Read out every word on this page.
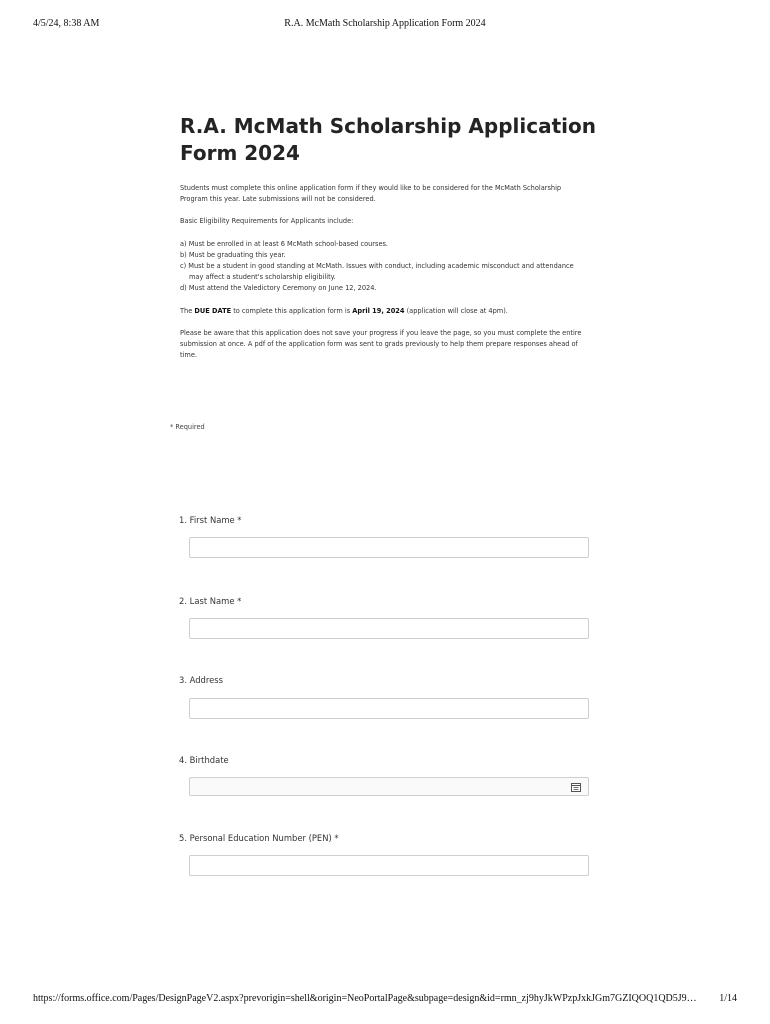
4/5/24, 8:38 AM	R.A. McMath Scholarship Application Form 2024
R.A. McMath Scholarship Application Form 2024

Students must complete this online application form if they would like to be considered for the McMath Scholarship Program this year. Late submissions will not be considered.

Basic Eligibility Requirements for Applicants include:

a) Must be enrolled in at least 6 McMath school-based courses.
b) Must be graduating this year.
c) Must be a student in good standing at McMath. Issues with conduct, including academic misconduct and attendance may affect a student's scholarship eligibility.
d) Must attend the Valedictory Ceremony on June 12, 2024.

The DUE DATE to complete this application form is April 19, 2024 (application will close at 4pm).

Please be aware that this application does not save your progress if you leave the page, so you must complete the entire submission at once. A pdf of the application form was sent to grads previously to help them prepare responses ahead of time.

* Required
1. First Name *
2. Last Name *
3. Address
4. Birthdate
5. Personal Education Number (PEN) *
https://forms.office.com/Pages/DesignPageV2.aspx?prevorigin=shell&origin=NeoPortalPage&subpage=design&id=rmn_zj9hyJkWPzpJxkJGm7GZIQOQ1QD5J9… 1/14
